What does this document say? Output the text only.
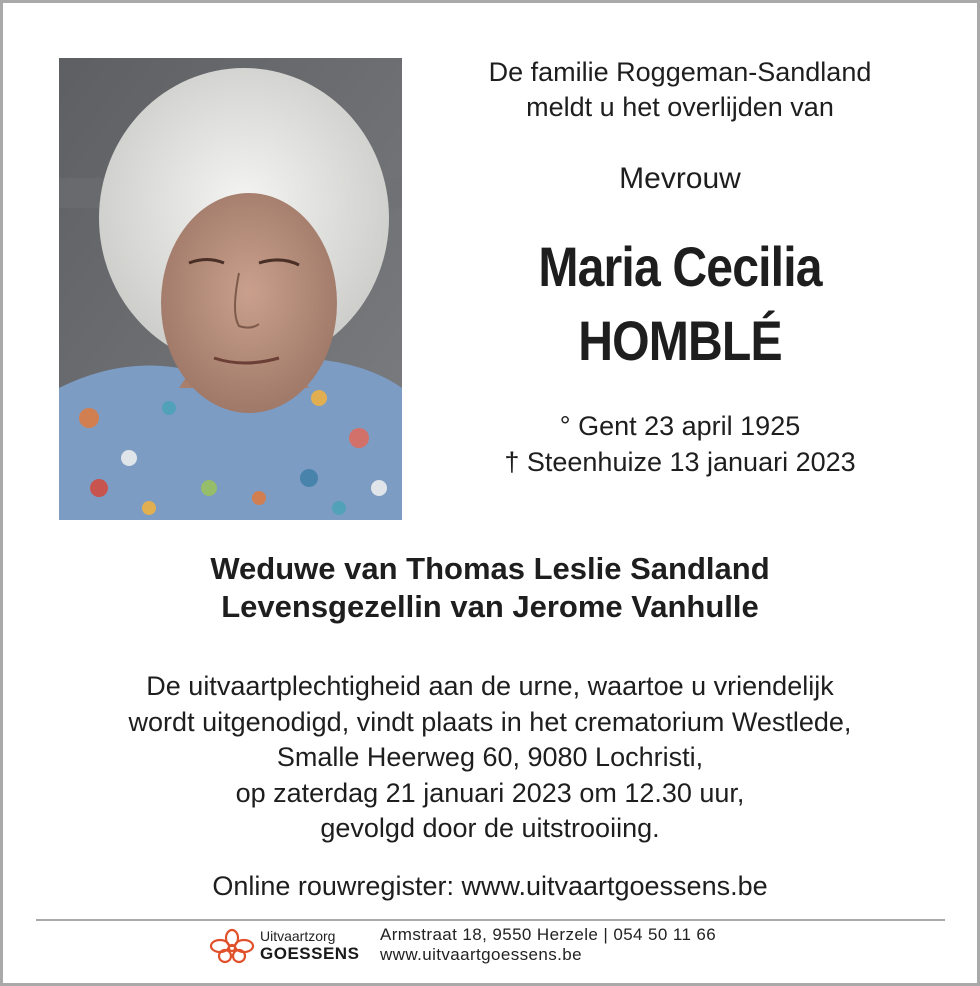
De familie Roggeman-Sandland
meldt u het overlijden van
Mevrouw
Maria Cecilia
HOMBLÉ
° Gent 23 april 1925
† Steenhuize 13 januari 2023
Weduwe van Thomas Leslie Sandland
Levensgezellin van Jerome Vanhulle
De uitvaartplechtigheid aan de urne, waartoe u vriendelijk
wordt uitgenodigd, vindt plaats in het crematorium Westlede,
Smalle Heerweg 60, 9080 Lochristi,
op zaterdag 21 januari 2023 om 12.30 uur,
gevolgd door de uitstrooiing.
Online rouwregister: www.uitvaartgoessens.be
Uitvaartzorg
GOESSENS
Armstraat 18, 9550 Herzele | 054 50 11 66
www.uitvaartgoessens.be
